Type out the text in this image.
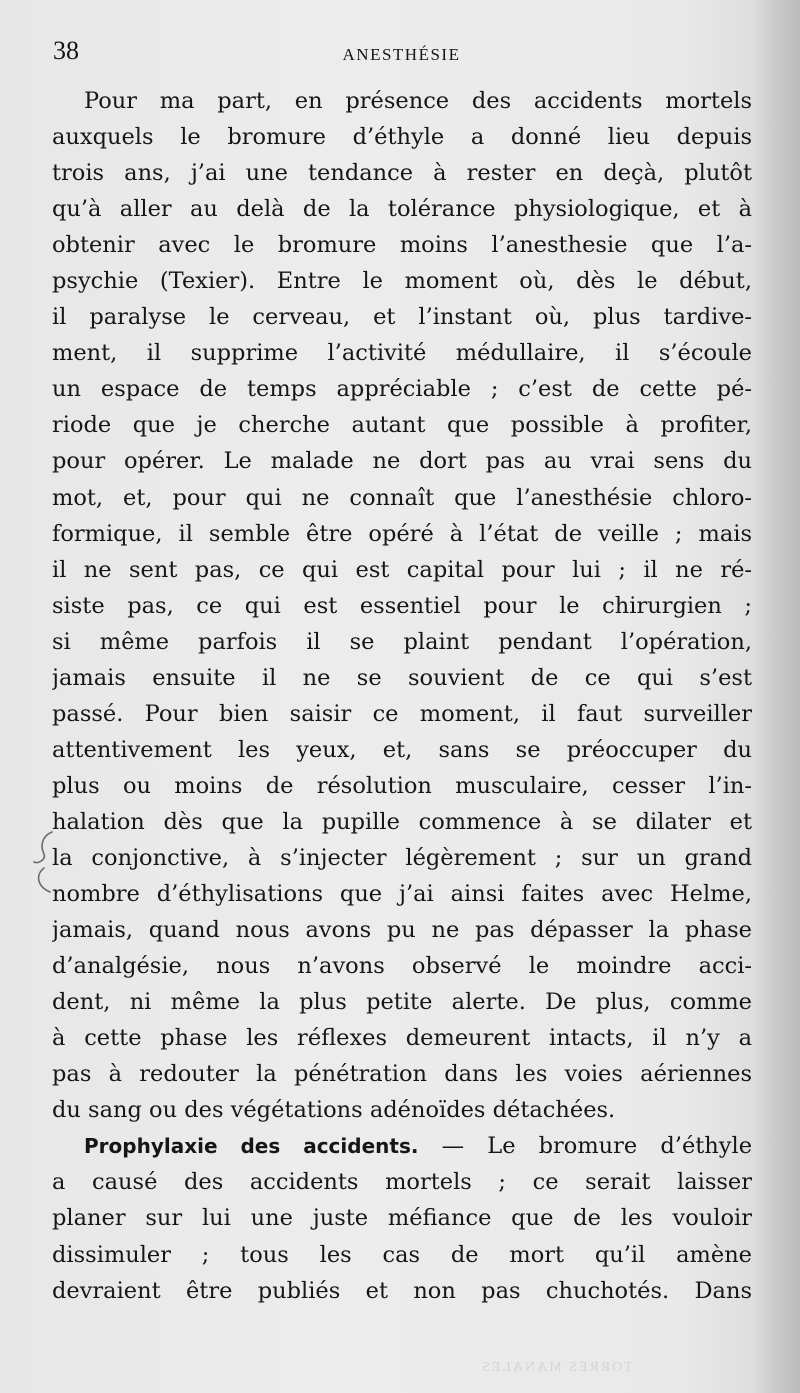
38	ANESTHÉSIE
Pour ma part, en présence des accidents mortels
auxquels le bromure d’éthyle a donné lieu depuis
trois ans, j’ai une tendance à rester en deçà, plutôt
qu’à aller au delà de la tolérance physiologique, et à
obtenir avec le bromure moins l’anesthesie que l’a-
psychie (Texier). Entre le moment où, dès le début,
il paralyse le cerveau, et l’instant où, plus tardive-
ment, il supprime l’activité médullaire, il s’écoule
un espace de temps appréciable ; c’est de cette pé-
riode que je cherche autant que possible à profiter,
pour opérer. Le malade ne dort pas au vrai sens du
mot, et, pour qui ne connaît que l’anesthésie chloro-
formique, il semble être opéré à l’état de veille ; mais
il ne sent pas, ce qui est capital pour lui ; il ne ré-
siste pas, ce qui est essentiel pour le chirurgien ;
si même parfois il se plaint pendant l’opération,
jamais ensuite il ne se souvient de ce qui s’est
passé. Pour bien saisir ce moment, il faut surveiller
attentivement les yeux, et, sans se préoccuper du
plus ou moins de résolution musculaire, cesser l’in-
halation dès que la pupille commence à se dilater et
la conjonctive, à s’injecter légèrement ; sur un grand
nombre d’éthylisations que j’ai ainsi faites avec Helme,
jamais, quand nous avons pu ne pas dépasser la phase
d’analgésie, nous n’avons observé le moindre acci-
dent, ni même la plus petite alerte. De plus, comme
à cette phase les réflexes demeurent intacts, il n’y a
pas à redouter la pénétration dans les voies aériennes
du sang ou des végétations adénoïdes détachées.
Prophylaxie des accidents. — Le bromure d’éthyle
a causé des accidents mortels ; ce serait laisser
planer sur lui une juste méfiance que de les vouloir
dissimuler ; tous les cas de mort qu’il amène
devraient être publiés et non pas chuchotés. Dans
TORRES MANALES
